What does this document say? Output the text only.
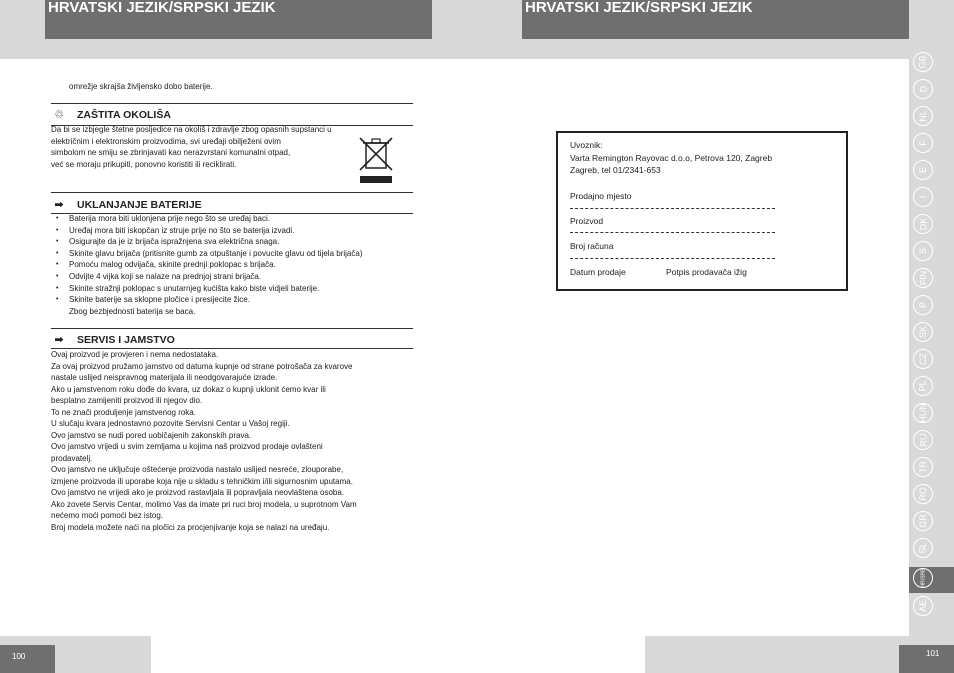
HRVATSKI JEZIK/SRPSKI JEZIK	HRVATSKI JEZIK/SRPSKI JEZIK
GB
D
NL
F
E
I
DK
S
FIN
P
SK
CZ
PL
HUN
RU
TR
RO
GR
SL
HR/SRB
AE
omrežje skrajša življensko dobo baterije.
♲ ZAŠTITA OKOLIŠA
Da bi se izbjegle štetne posljedice na okoliš i zdravlje zbog opasnih supstanci u
električnim i elektronskim proizvodima, svi uređaji obilježeni ovim
simbolom ne smiju se zbrinjavati kao nerazvrstani komunalni otpad,
već se moraju prikupiti, ponovno koristiti ili reciklirati.
➡	UKLANJANJE BATERIJE
• Baterija mora biti uklonjena prije nego što se uređaj baci.
• Uređaj mora biti iskopčan iz struje prije no što se baterija izvadi.
• Osigurajte da je iz brijača ispražnjena sva električna snaga.
• Skinite glavu brijača (pritisnite gumb za otpuštanje i povucite glavu od tijela brijača)
• Pomoću malog odvijača, skinite prednji poklopac s brijača.
• Odvijte 4 vijka koji se nalaze na prednjoj strani brijača.
• Skinite stražnji poklopac s unutarnjeg kućišta kako biste vidjeli baterije.
• Skinite baterije sa sklopne pločice i presijecite žice.
Zbog bezbjednosti baterija se baca.
➡	SERVIS I JAMSTVO
Ovaj proizvod je provjeren i nema nedostataka.
Za ovaj proizvod pružamo jamstvo od datuma kupnje od strane potrošača za kvarove
nastale uslijed neispravnog materijala ili neodgovarajuće izrade.
Ako u jamstvenom roku dođe do kvara, uz dokaz o kupnji uklonit ćemo kvar ili
besplatno zamijeniti proizvod ili njegov dio.
To ne znači produljenje jamstvenog roka.
U slučaju kvara jednostavno pozovite Servisni Centar u Vašoj regiji.
Ovo jamstvo se nudi pored uobičajenih zakonskih prava.
Ovo jamstvo vrijedi u svim zemljama u kojima naš proizvod prodaje ovlašteni
prodavatelj.
Ovo jamstvo ne uključuje oštećenje proizvoda nastalo uslijed nesreće, zlouporabe,
izmjene proizvoda ili uporabe koja nije u skladu s tehničkim i/ili sigurnosnim uputama.
Ovo jamstvo ne vrijedi ako je proizvod rastavljala ili popravljala neovlaštena osoba.
Ako zovete Servis Centar, molimo Vas da imate pri ruci broj modela, u suprotnom Vam
nećemo moći pomoći bez istog.
Broj modela možete naći na pločici za procjenjivanje koja se nalazi na uređaju.
Uvoznik:
Varta Remington Rayovac d.o.o, Petrova 120, Zagreb
Zagreb, tel 01/2341-653
Prodajno mjesto
Proizvod
Broj računa
Datum prodaje	Potpis prodavača ižig
100	101
